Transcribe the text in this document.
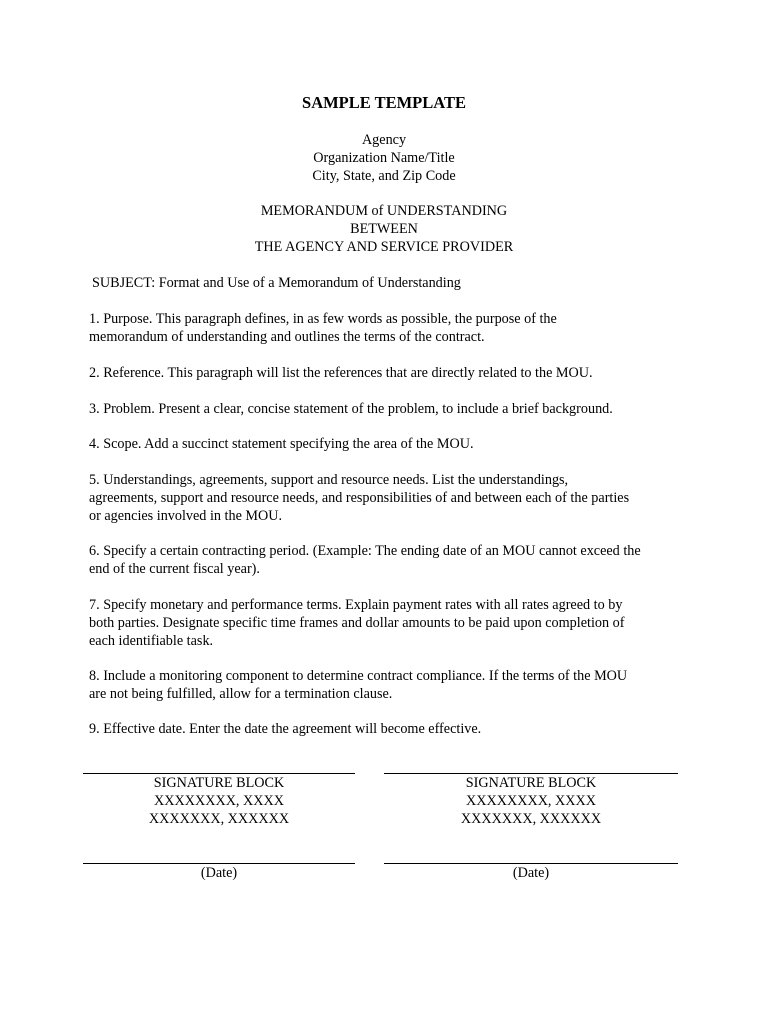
SAMPLE TEMPLATE
Agency
Organization Name/Title
City, State, and Zip Code
MEMORANDUM of UNDERSTANDING
BETWEEN
THE AGENCY AND SERVICE PROVIDER
SUBJECT: Format and Use of a Memorandum of Understanding
1. Purpose. This paragraph defines, in as few words as possible, the purpose of the
memorandum of understanding and outlines the terms of the contract.
2. Reference. This paragraph will list the references that are directly related to the MOU.
3. Problem. Present a clear, concise statement of the problem, to include a brief background.
4. Scope. Add a succinct statement specifying the area of the MOU.
5. Understandings, agreements, support and resource needs. List the understandings,
agreements, support and resource needs, and responsibilities of and between each of the parties
or agencies involved in the MOU.
6. Specify a certain contracting period. (Example: The ending date of an MOU cannot exceed the
end of the current fiscal year).
7. Specify monetary and performance terms. Explain payment rates with all rates agreed to by
both parties. Designate specific time frames and dollar amounts to be paid upon completion of
each identifiable task.
8. Include a monitoring component to determine contract compliance. If the terms of the MOU
are not being fulfilled, allow for a termination clause.
9. Effective date. Enter the date the agreement will become effective.
SIGNATURE BLOCK
XXXXXXXX, XXXX
XXXXXXX, XXXXXX
(Date)
SIGNATURE BLOCK
XXXXXXXX, XXXX
XXXXXXX, XXXXXX
(Date)
